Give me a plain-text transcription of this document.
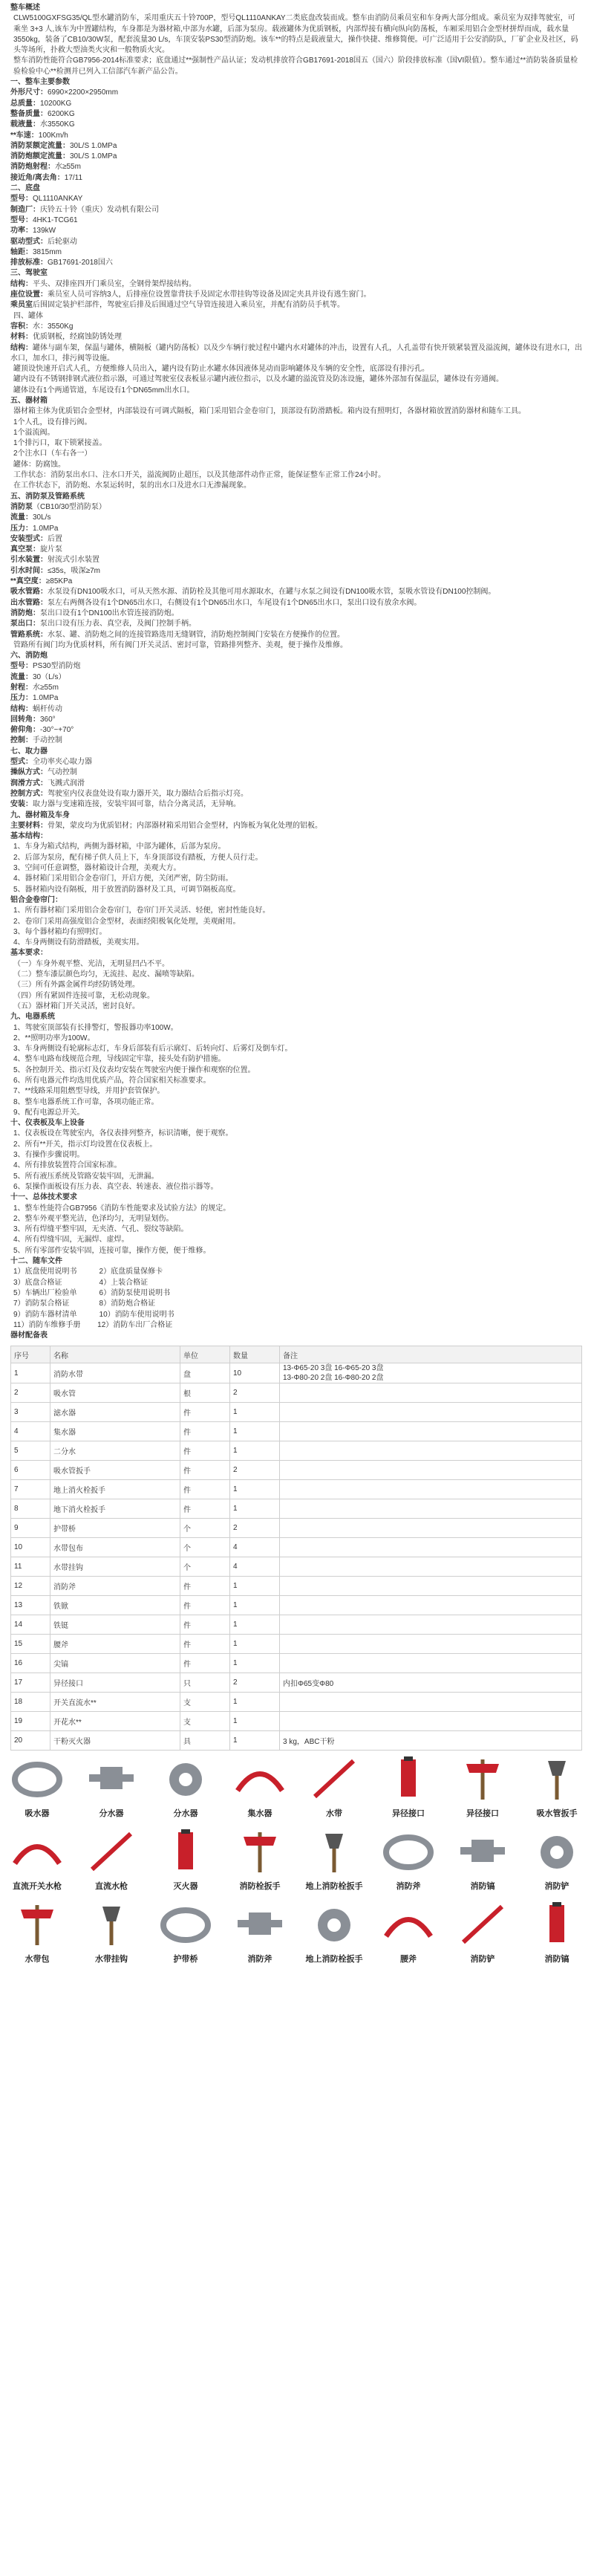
整车概述

CLW5100GXFSG35/QL型水罐消防车，采用重庆五十铃700P，型号QL1110ANKAY二类底盘改装而成。整车由消防员乘员室和车身两大部分组成。乘员室为双排驾驶室，可乘坐 3+3 人,该车为中置罐结构，车身都是为器材箱,中部为水罐，后部为泵房。载液罐体为优质钢板，内部焊接有横向纵向防荡板，车厢采用铝合金型材拼焊而成，载水量3550kg，装备了CB10/30W泵，配套流量30 L/s，车顶安装PS30型消防炮。该车**的特点是载液量大，操作快捷、维修简便。可广泛适用于公安消防队，厂矿企业及社区，码头等场所，扑救大型油类火灾和一般物质火灾。

整车消防性能符合GB7956-2014标准要求；底盘通过**强制性产品认证；发动机排放符合GB17691-2018国五（国六）阶段排放标准（国VI限值）。整车通过**消防装备质量检验检验中心**检测并已列入工信部汽车新产品公告。

一、整车主要参数

外形尺寸：6990×2200×2950mm

总质量：10200KG

整备质量：6200KG

载液量：水3550KG

**车速：100Km/h

消防泵额定流量：30L/S 1.0MPa

消防炮额定流量：30L/S 1.0MPa

消防炮射程：水≥55m

接近角/离去角：17/11

二、底盘

型号：QL1110ANKAY

制造厂：庆铃五十铃（重庆）发动机有限公司

型号：4HK1-TCG61

功率：139kW

驱动型式：后轮驱动

轴距：3815mm

排放标准：GB17691-2018国六

三、驾驶室

结构：平头、双排座四开门乘员室，全钢骨架焊接结构。

座位设置：乘员室人员可容纳3人，后排座位设置靠背扶手及固定水带挂钩等设备及固定夹具并设有逃生窗门。

乘员室后围固定装护栏部件，驾驶室后排及后围通过空气导管连接进入乘员室，并配有消防员手机等。

四、罐体

容积：水：3550Kg

材料：优质钢板，经腐蚀防锈处理

结构：罐体与副车架，保温与罐体，横隔板（罐内防荡板）以及少车辆行驶过程中罐内水对罐体的冲击，设置有人孔，人孔盖带有快开锁紧装置及溢流阀，罐体设有进水口，出水口，加水口，排污阀等设施。

罐顶设快速开启式人孔，方便维修人员出入，罐内设有防止水罐水体因液体晃动而影响罐体及车辆的安全性，底部设有排污孔。

罐内设有不锈钢排钢式液位指示器，可通过驾驶室仪表板显示罐内液位指示，以及水罐的溢流管及防冻设施，罐体外部加有保温层，罐体设有旁通阀。

罐体设有1个两通管道，车尾设有1个DN65mm出水口。

五、器材箱

器材箱主体为优质铝合金型材，内部装设有可调式隔板，箱门采用铝合金卷帘门，顶部设有防滑踏板。箱内设有照明灯，各器材箱放置消防器材和随车工具。

1个人孔，设有排污阀。

1个溢流阀。

1个排污口，取下锁紧接盖。

2个注水口（车右各一）

罐体：防腐蚀。

工作状态：消防泵出水口、注水口开关，溢流阀防止超压，以及其他部件动作正常，能保证整车正常工作24小时。

在工作状态下，消防炮、水泵运转时，泵的出水口及进水口无渗漏现象。

五、消防泵及管路系统

消防泵（CB10/30型消防泵）

流量：30L/s

压力：1.0MPa

安装型式：后置

真空泵：旋片泵

引水装置：射流式引水装置

引水时间：≤35s，吸深≥7m

**真空度：≥85KPa

吸水管路：水泵设有DN100吸水口，可从天然水源、消防栓及其他可用水源取水，在罐与水泵之间设有DN100吸水管，泵吸水管设有DN100控制阀。

出水管路：泵左右两侧各设有1个DN65出水口，右侧设有1个DN65出水口，车尾设有1个DN65出水口，泵出口设有放余水阀。

消防炮：泵出口设有1个DN100出水管连接消防炮。

泵出口：泵出口设有压力表、真空表，及阀门控制手柄。

管路系统：水泵、罐、消防炮之间的连接管路选用无缝钢管，消防炮控制阀门安装在方便操作的位置。

管路所有阀门均为优质材料，所有阀门开关灵活、密封可靠，管路排列整齐、美观，便于操作及维修。

六、消防炮

型号：PS30型消防炮

流量：30（L/s）

射程：水≥55m

压力：1.0MPa

结构：蜗杆传动

回转角：360°

俯仰角：-30°~+70°

控制：手动控制

七、取力器

型式：全功率夹心取力器

操纵方式：气动控制

润滑方式：飞溅式润滑

控制方式：驾驶室内仪表盘处设有取力器开关，取力器结合后指示灯亮。

安装：取力器与变速箱连接，安装牢固可靠，结合分离灵活，无异响。

九、器材箱及车身

主要材料：骨架，蒙皮均为优质铝材；内部器材箱采用铝合金型材，内饰板为氧化处理的铝板。

基本结构：

1、车身为箱式结构，两侧为器材箱，中部为罐体，后部为泵房。

2、后部为泵房，配有梯子供人员上下，车身顶部设有踏板，方便人员行走。

3、空间可任意调整，器材箱设计合理，美观大方。

4、器材箱门采用铝合金卷帘门，开启方便，关闭严密，防尘防雨。

5、器材箱内设有隔板，用于放置消防器材及工具，可调节隔板高度。

铝合金卷帘门：

1、所有器材箱门采用铝合金卷帘门，卷帘门开关灵活、轻便，密封性能良好。

2、卷帘门采用高强度铝合金型材，表面经阳极氧化处理，美观耐用。

3、每个器材箱均有照明灯。

4、车身两侧设有防滑踏板，美观实用。

基本要求：

（一）车身外观平整、光洁，无明显凹凸不平。

（二）整车漆层颜色均匀，无流挂、起皮、漏喷等缺陷。

（三）所有外露金属件均经防锈处理。

（四）所有紧固件连接可靠，无松动现象。

（五）器材箱门开关灵活，密封良好。

九、电器系统

1、驾驶室顶部装有长排警灯，警报器功率100W。

2、**照明功率为100W。

3、车身两侧设有轮廓标志灯，车身后部装有后示廓灯、后转向灯、后雾灯及倒车灯。

4、整车电路布线规范合理，导线固定牢靠，接头处有防护措施。

5、各控制开关、指示灯及仪表均安装在驾驶室内便于操作和观察的位置。

6、所有电器元件均选用优质产品，符合国家相关标准要求。

7、**线路采用阻燃型导线，并用护套管保护。

8、整车电器系统工作可靠，各项功能正常。

9、配有电源总开关。

十、仪表板及车上设备

1、仪表板设在驾驶室内，各仪表排列整齐，标识清晰，便于观察。

2、所有**开关，指示灯均设置在仪表板上。

3、有操作步骤说明。

4、所有排放装置符合国家标准。

5、所有液压系统及管路安装牢固，无泄漏。

6、泵操作面板设有压力表、真空表、转速表、液位指示器等。

十一、总体技术要求

1、整车性能符合GB7956《消防车性能要求及试验方法》的规定。

2、整车外观平整光洁，色泽均匀，无明显划伤。

3、所有焊缝平整牢固，无夹渣、气孔、裂纹等缺陷。

4、所有焊缝牢固，无漏焊、虚焊。

5、所有零部件安装牢固，连接可靠，操作方便，便于维修。

十二、随车文件

1）底盘使用说明书　　　2）底盘质量保修卡

3）底盘合格证　　　　　4）上装合格证

5）车辆出厂检验单　　　6）消防泵使用说明书

7）消防泵合格证　　　　8）消防炮合格证

9）消防车器材清单　　　10）消防车使用说明书

11）消防车维修手册　　 12）消防车出厂合格证

器材配备表

序号	名称	单位	数量	备注
1	消防水带	盘	10	13-Φ65-20 3盘 16-Φ65-20 3盘
13-Φ80-20 2盘 16-Φ80-20 2盘
2	吸水管	根	2	
3	滤水器	件	1	
4	集水器	件	1	
5	二分水	件	1	
6	吸水管扳手	件	2	
7	地上消火栓扳手	件	1	
8	地下消火栓扳手	件	1	
9	护带桥	个	2	
10	水带包布	个	4	
11	水带挂钩	个	4	
12	消防斧	件	1	
13	铁锨	件	1	
14	铁铤	件	1	
15	腰斧	件	1	
16	尖镐	件	1	
17	异径接口	只	2	内扣Φ65变Φ80
18	开关直流水**	支	1	
19	开花水**	支	1	
20	干粉灭火器	具	1	3 kg，ABC干粉
吸水器	分水器	分水器	集水器	水带	异径接口	异径接口	吸水管扳手
直流开关水枪	直流水枪	灭火器	消防栓扳手	地上消防栓扳手	消防斧	消防镐	消防铲
水带包	水带挂钩	护带桥	消防斧	地上消防栓扳手	腰斧	消防铲	消防镐
